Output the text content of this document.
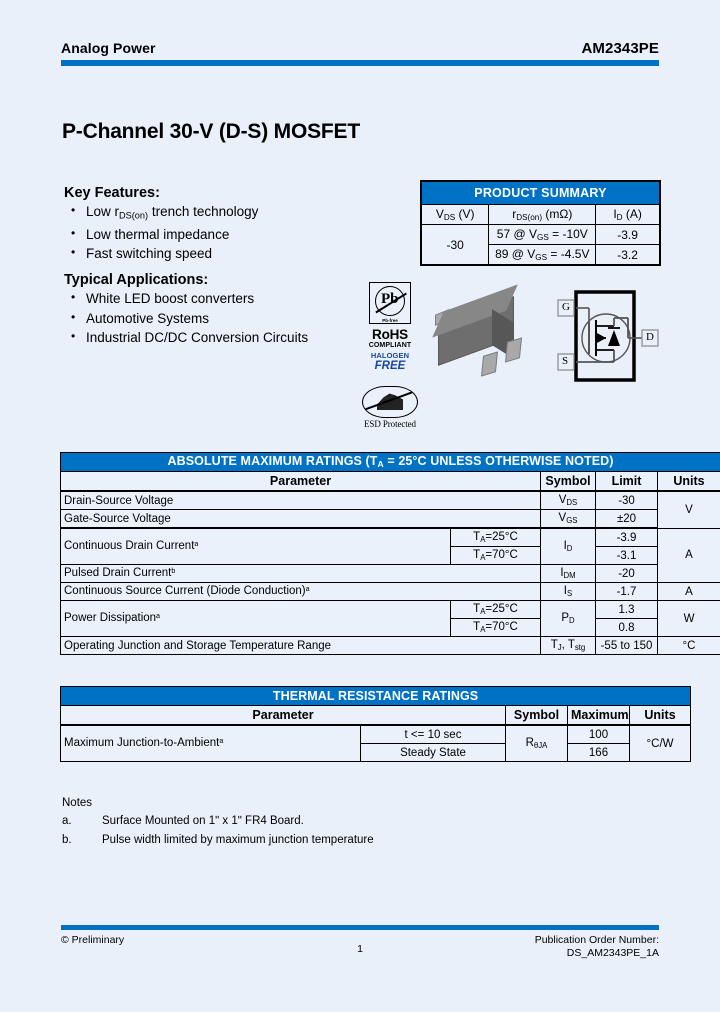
Analog Power	AM2343PE
P-Channel 30-V (D-S) MOSFET
Key Features:
• Low $r_{DS(on)}$ trench technology
• Low thermal impedance
• Fast switching speed
Typical Applications:
• White LED boost converters
• Automotive Systems
• Industrial DC/DC Conversion Circuits
PRODUCT SUMMARY		
$V_{DS}$ (V)	$r_{DS(on)}$ (mΩ)	$I_D$ (A)
-30	57 @ $V_{GS} = -10V$	-3.9
	89 @ $V_{GS} = -4.5V$	-3.2
Pb
Pb-free
RoHS
COMPLIANT
HALOGEN
FREE
ESD Protected
G
S
D
ABSOLUTE MAXIMUM RATINGS ($T_A = 25^\circ C$ UNLESS OTHERWISE NOTED)				
Parameter		Symbol	Limit	Units
Drain-Source Voltage		$V_{DS}$	-30	V
Gate-Source Voltage		$V_{GS}$	±20	
Continuous Drain Current$^a$	$T_A=25^\circ C$	$I_D$	-3.9	A
	$T_A=70^\circ C$		-3.1	
Pulsed Drain Current$^b$		$I_{DM}$	-20	
Continuous Source Current (Diode Conduction)$^a$		$I_S$	-1.7	A
Power Dissipation$^a$	$T_A=25^\circ C$	$P_D$	1.3	W
	$T_A=70^\circ C$		0.8	
Operating Junction and Storage Temperature Range		$T_J$, $T_{stg}$	-55 to 150	°C
THERMAL RESISTANCE RATINGS				
Parameter		Symbol	Maximum	Units
Maximum Junction-to-Ambient$^a$	t <= 10 sec	$R_{\theta JA}$	100	°C/W
	Steady State		166	
Notes
a.	Surface Mounted on 1ʺ x 1ʺ FR4 Board.
b.	Pulse width limited by maximum junction temperature
© Preliminary	Publication Order Number:
DS_AM2343PE_1A
1
